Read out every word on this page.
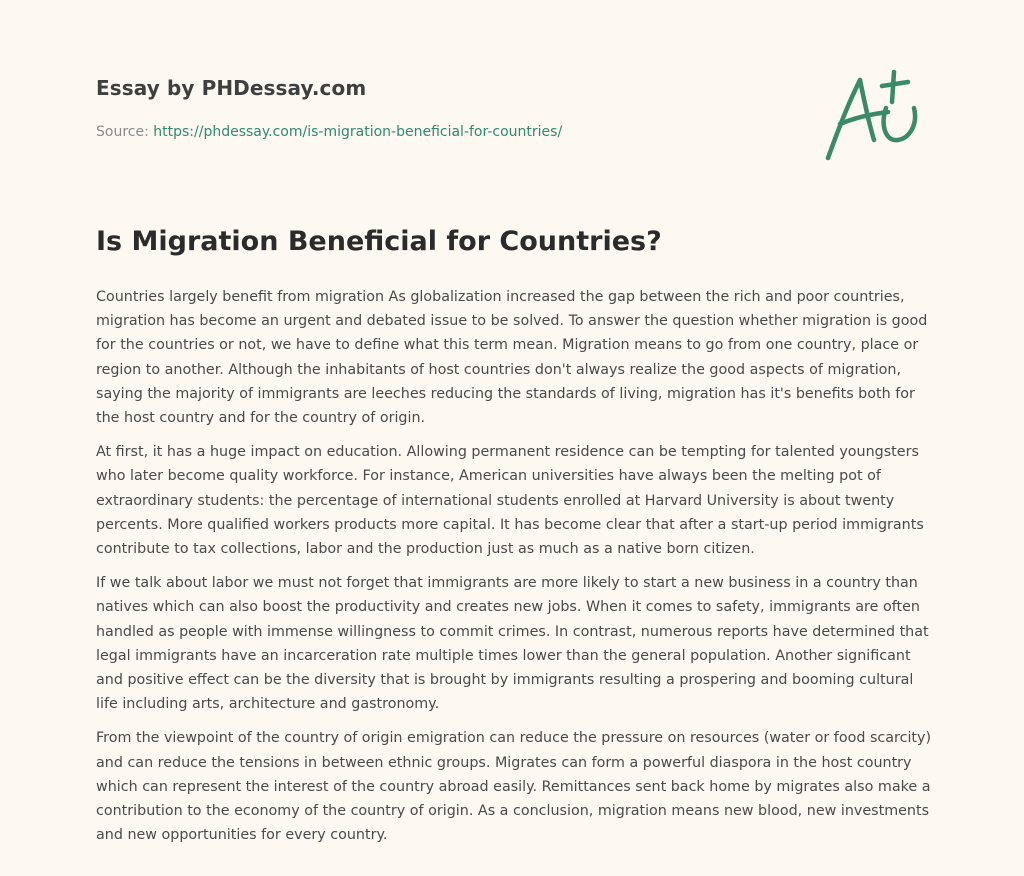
Essay by PHDessay.com
Source: https://phdessay.com/is-migration-beneficial-for-countries/
Is Migration Beneficial for Countries?

Countries largely benefit from migration As globalization increased the gap between the rich and poor countries, migration has become an urgent and debated issue to be solved. To answer the question whether migration is good for the countries or not, we have to define what this term mean. Migration means to go from one country, place or region to another. Although the inhabitants of host countries don't always realize the good aspects of migration, saying the majority of immigrants are leeches reducing the standards of living, migration has it's benefits both for the host country and for the country of origin.

At first, it has a huge impact on education. Allowing permanent residence can be tempting for talented youngsters who later become quality workforce. For instance, American universities have always been the melting pot of extraordinary students: the percentage of international students enrolled at Harvard University is about twenty percents. More qualified workers products more capital. It has become clear that after a start-up period immigrants contribute to tax collections, labor and the production just as much as a native born citizen.

If we talk about labor we must not forget that immigrants are more likely to start a new business in a country than natives which can also boost the productivity and creates new jobs. When it comes to safety, immigrants are often handled as people with immense willingness to commit crimes. In contrast, numerous reports have determined that legal immigrants have an incarceration rate multiple times lower than the general population. Another significant and positive effect can be the diversity that is brought by immigrants resulting a prospering and booming cultural life including arts, architecture and gastronomy.

From the viewpoint of the country of origin emigration can reduce the pressure on resources (water or food scarcity) and can reduce the tensions in between ethnic groups. Migrates can form a powerful diaspora in the host country which can represent the interest of the country abroad easily. Remittances sent back home by migrates also make a contribution to the economy of the country of origin. As a conclusion, migration means new blood, new investments and new opportunities for every country.
